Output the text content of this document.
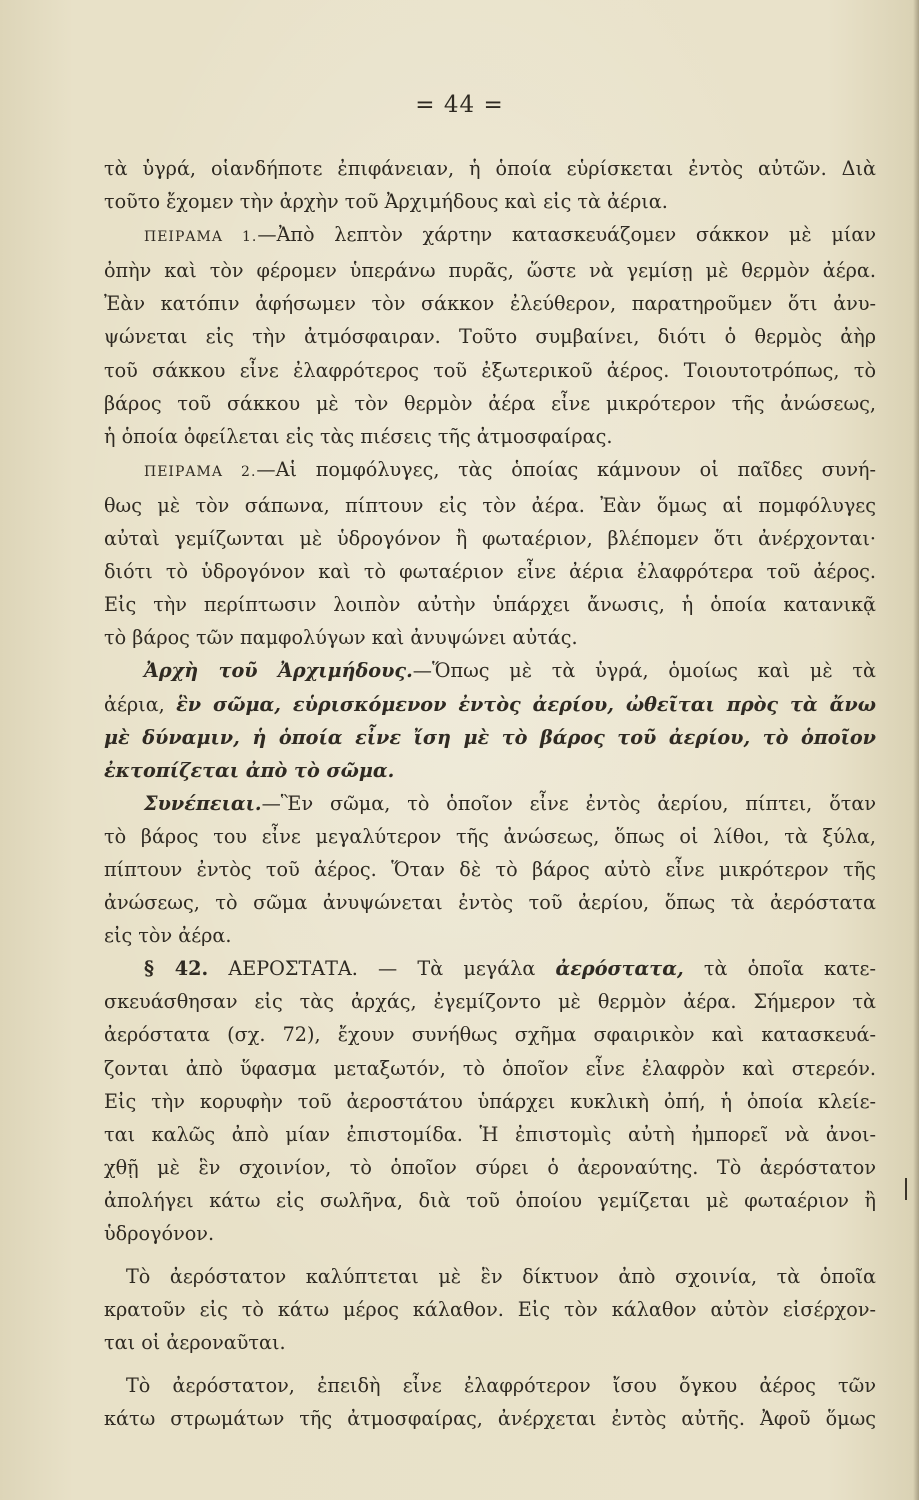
= 44 =
τὰ ὑγρά, οἱανδήποτε ἐπιφάνειαν, ἡ ὁποία εὑρίσκεται ἐντὸς αὐτῶν. Διὰ
τοῦτο ἔχομεν τὴν ἀρχὴν τοῦ Ἀρχιμήδους καὶ εἰς τὰ ἀέρια.
ΠΕΙΡΑΜΑ 1.—Ἀπὸ λεπτὸν χάρτην κατασκευάζομεν σάκκον μὲ μίαν
ὀπὴν καὶ τὸν φέρομεν ὑπεράνω πυρᾶς, ὥστε νὰ γεμίσῃ μὲ θερμὸν ἀέρα.
Ἐὰν κατόπιν ἀφήσωμεν τὸν σάκκον ἐλεύθερον, παρατηροῦμεν ὅτι ἀνυ-
ψώνεται εἰς τὴν ἀτμόσφαιραν. Τοῦτο συμβαίνει, διότι ὁ θερμὸς ἀὴρ
τοῦ σάκκου εἶνε ἐλαφρότερος τοῦ ἐξωτερικοῦ ἀέρος. Τοιουτοτρόπως, τὸ
βάρος τοῦ σάκκου μὲ τὸν θερμὸν ἀέρα εἶνε μικρότερον τῆς ἀνώσεως,
ἡ ὁποία ὀφείλεται εἰς τὰς πιέσεις τῆς ἀτμοσφαίρας.
ΠΕΙΡΑΜΑ 2.—Αἱ πομφόλυγες, τὰς ὁποίας κάμνουν οἱ παῖδες συνή-
θως μὲ τὸν σάπωνα, πίπτουν εἰς τὸν ἀέρα. Ἐὰν ὅμως αἱ πομφόλυγες
αὐταὶ γεμίζωνται μὲ ὑδρογόνον ἢ φωταέριον, βλέπομεν ὅτι ἀνέρχονται·
διότι τὸ ὑδρογόνον καὶ τὸ φωταέριον εἶνε ἀέρια ἐλαφρότερα τοῦ ἀέρος.
Εἰς τὴν περίπτωσιν λοιπὸν αὐτὴν ὑπάρχει ἄνωσις, ἡ ὁποία κατανικᾷ
τὸ βάρος τῶν παμφολύγων καὶ ἀνυψώνει αὐτάς.
Ἀρχὴ τοῦ Ἀρχιμήδους.—Ὅπως μὲ τὰ ὑγρά, ὁμοίως καὶ μὲ τὰ
ἀέρια, ἓν σῶμα, εὑρισκόμενον ἐντὸς ἀερίου, ὠθεῖται πρὸς τὰ ἄνω
μὲ δύναμιν, ἡ ὁποία εἶνε ἴση μὲ τὸ βάρος τοῦ ἀερίου, τὸ ὁποῖον
ἐκτοπίζεται ἀπὸ τὸ σῶμα.
Συνέπειαι.—Ἓν σῶμα, τὸ ὁποῖον εἶνε ἐντὸς ἀερίου, πίπτει, ὅταν
τὸ βάρος του εἶνε μεγαλύτερον τῆς ἀνώσεως, ὅπως οἱ λίθοι, τὰ ξύλα,
πίπτουν ἐντὸς τοῦ ἀέρος. Ὅταν δὲ τὸ βάρος αὐτὸ εἶνε μικρότερον τῆς
ἀνώσεως, τὸ σῶμα ἀνυψώνεται ἐντὸς τοῦ ἀερίου, ὅπως τὰ ἀερόστατα
εἰς τὸν ἀέρα.
§ 42. ΑΕΡΟΣΤΑΤΑ. — Τὰ μεγάλα ἀερόστατα, τὰ ὁποῖα κατε-
σκευάσθησαν εἰς τὰς ἀρχάς, ἐγεμίζοντο μὲ θερμὸν ἀέρα. Σήμερον τὰ
ἀερόστατα (σχ. 72), ἔχουν συνήθως σχῆμα σφαιρικὸν καὶ κατασκευά-
ζονται ἀπὸ ὕφασμα μεταξωτόν, τὸ ὁποῖον εἶνε ἐλαφρὸν καὶ στερεόν.
Εἰς τὴν κορυφὴν τοῦ ἀεροστάτου ὑπάρχει κυκλικὴ ὀπή, ἡ ὁποία κλείε-
ται καλῶς ἀπὸ μίαν ἐπιστομίδα. Ἡ ἐπιστομὶς αὐτὴ ἠμπορεῖ νὰ ἀνοι-
χθῇ μὲ ἓν σχοινίον, τὸ ὁποῖον σύρει ὁ ἀεροναύτης. Τὸ ἀερόστατον
ἀπολήγει κάτω εἰς σωλῆνα, διὰ τοῦ ὁποίου γεμίζεται μὲ φωταέριον ἢ
ὑδρογόνον.
Τὸ ἀερόστατον καλύπτεται μὲ ἓν δίκτυον ἀπὸ σχοινία, τὰ ὁποῖα
κρατοῦν εἰς τὸ κάτω μέρος κάλαθον. Εἰς τὸν κάλαθον αὐτὸν εἰσέρχον-
ται οἱ ἀεροναῦται.
Τὸ ἀερόστατον, ἐπειδὴ εἶνε ἐλαφρότερον ἴσου ὄγκου ἀέρος τῶν
κάτω στρωμάτων τῆς ἀτμοσφαίρας, ἀνέρχεται ἐντὸς αὐτῆς. Ἀφοῦ ὅμως
